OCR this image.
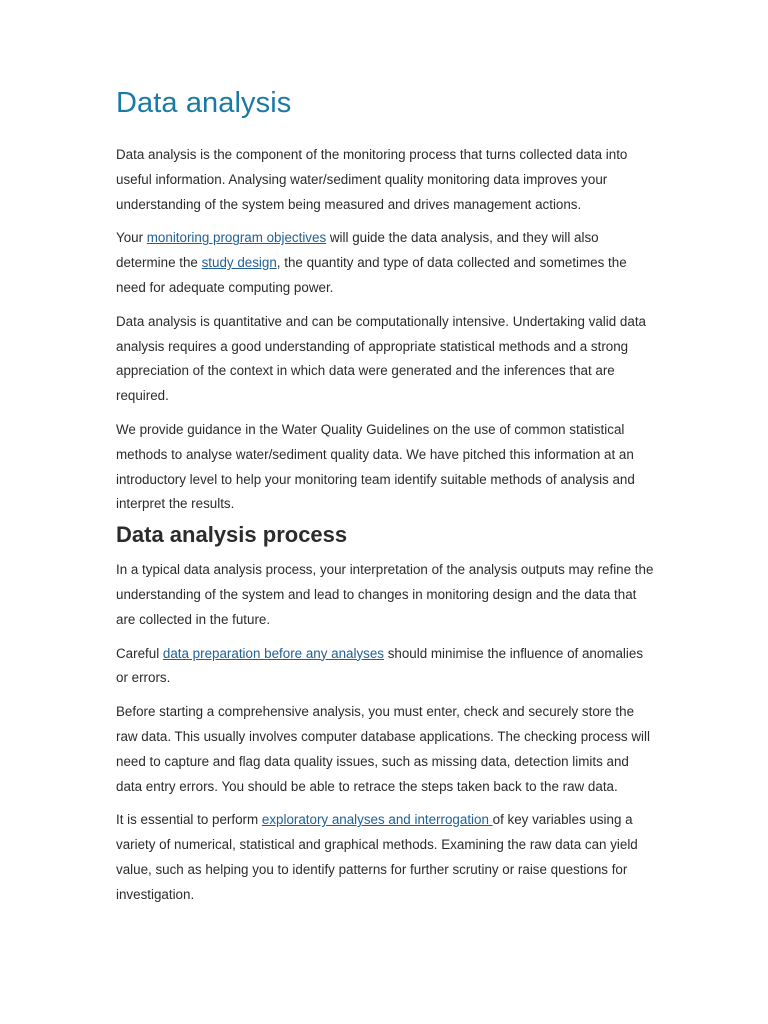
Data analysis

Data analysis is the component of the monitoring process that turns collected data into useful information. Analysing water/sediment quality monitoring data improves your understanding of the system being measured and drives management actions.

Your monitoring program objectives will guide the data analysis, and they will also determine the study design, the quantity and type of data collected and sometimes the need for adequate computing power.

Data analysis is quantitative and can be computationally intensive. Undertaking valid data analysis requires a good understanding of appropriate statistical methods and a strong appreciation of the context in which data were generated and the inferences that are required.

We provide guidance in the Water Quality Guidelines on the use of common statistical methods to analyse water/sediment quality data. We have pitched this information at an introductory level to help your monitoring team identify suitable methods of analysis and interpret the results.

Data analysis process

In a typical data analysis process, your interpretation of the analysis outputs may refine the understanding of the system and lead to changes in monitoring design and the data that are collected in the future.

Careful data preparation before any analyses should minimise the influence of anomalies or errors.

Before starting a comprehensive analysis, you must enter, check and securely store the raw data. This usually involves computer database applications. The checking process will need to capture and flag data quality issues, such as missing data, detection limits and data entry errors. You should be able to retrace the steps taken back to the raw data.

It is essential to perform exploratory analyses and interrogation of key variables using a variety of numerical, statistical and graphical methods. Examining the raw data can yield value, such as helping you to identify patterns for further scrutiny or raise questions for investigation.
